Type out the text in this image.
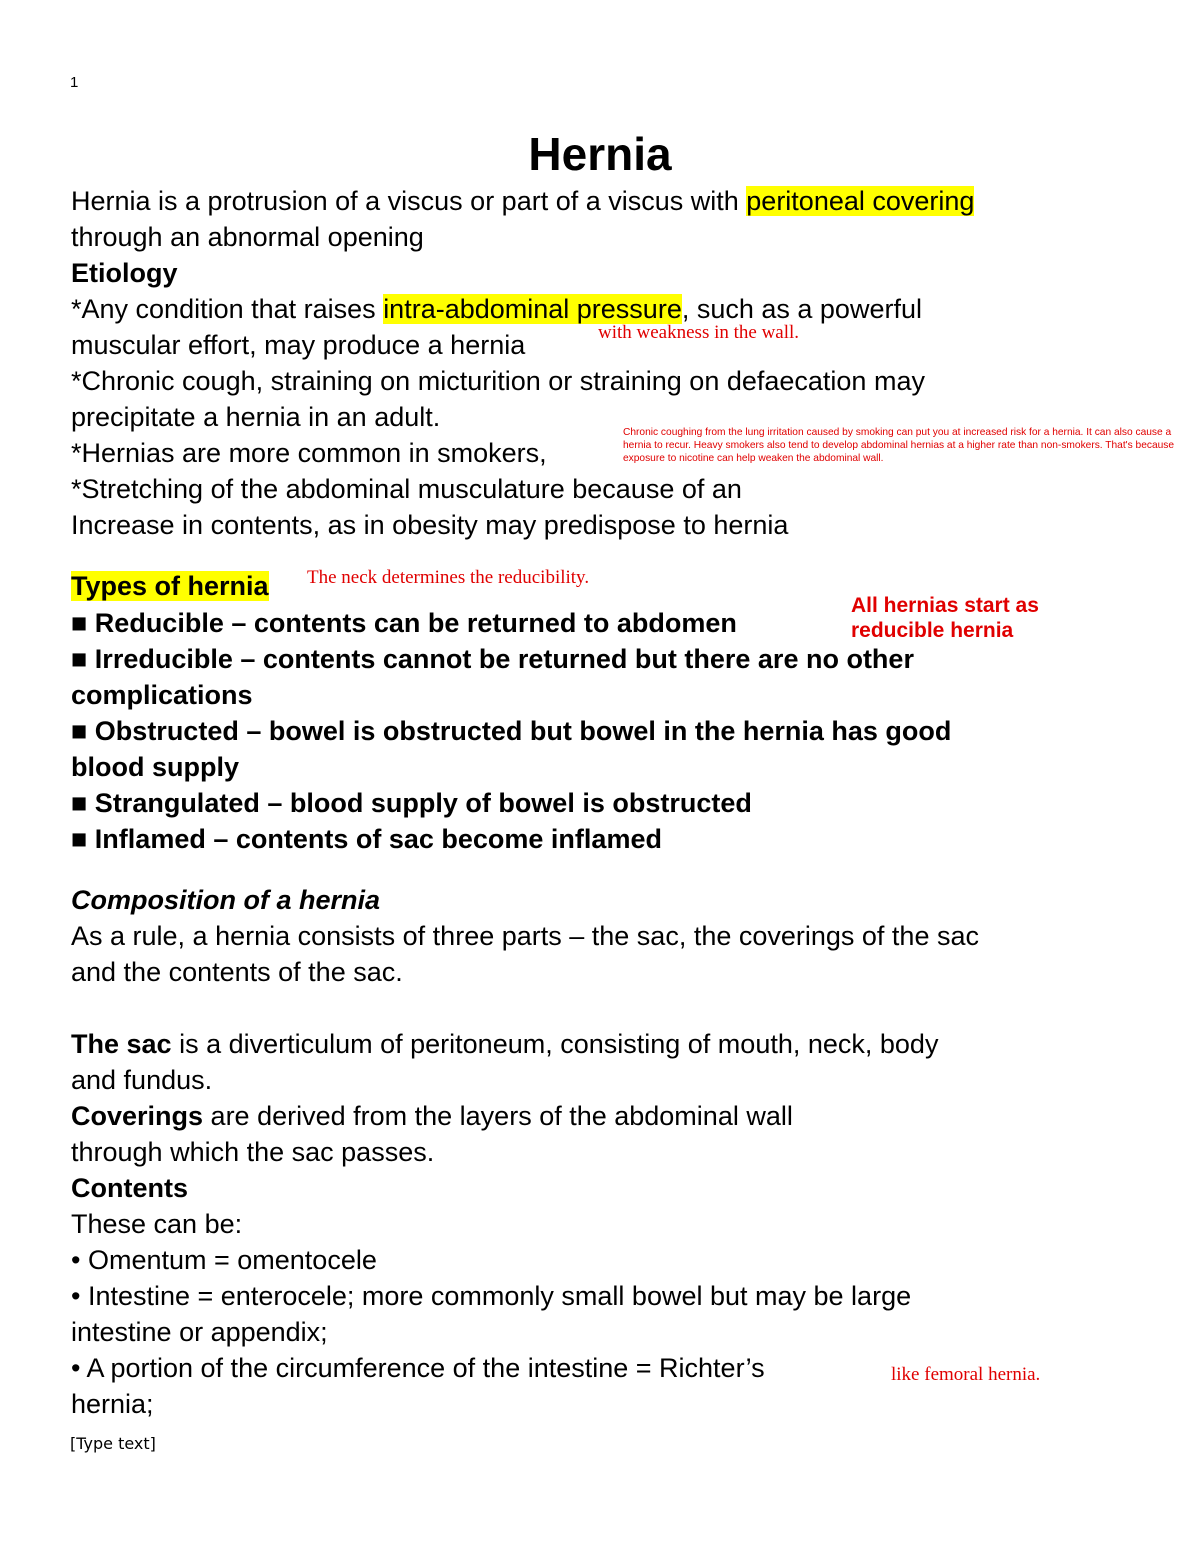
1
Hernia
Hernia is a protrusion of a viscus or part of a viscus with peritoneal covering
through an abnormal opening
Etiology
*Any condition that raises intra-abdominal pressure, such as a powerful
muscular effort, may produce a hernia
*Chronic cough, straining on micturition or straining on defaecation may
precipitate a hernia in an adult.
*Hernias are more common in smokers,
*Stretching of the abdominal musculature because of an
Increase in contents, as in obesity may predispose to hernia
Types of hernia
■ Reducible – contents can be returned to abdomen
■ Irreducible – contents cannot be returned but there are no other
complications
■ Obstructed – bowel is obstructed but bowel in the hernia has good
blood supply
■ Strangulated – blood supply of bowel is obstructed
■ Inflamed – contents of sac become inflamed
Composition of a hernia
As a rule, a hernia consists of three parts – the sac, the coverings of the sac
and the contents of the sac.
The sac is a diverticulum of peritoneum, consisting of mouth, neck, body
and fundus.
Coverings are derived from the layers of the abdominal wall
through which the sac passes.
Contents
These can be:
• Omentum = omentocele
• Intestine = enterocele; more commonly small bowel but may be large
intestine or appendix;
• A portion of the circumference of the intestine = Richter’s
hernia;
with weakness in the wall.
Chronic coughing from the lung irritation caused by smoking can put you at increased risk for a hernia. It can also cause a hernia to recur. Heavy smokers also tend to develop abdominal hernias at a higher rate than non-smokers. That's because exposure to nicotine can help weaken the abdominal wall.
The neck determines the reducibility.
All hernias start as
reducible hernia
like femoral hernia.
[Type text]
